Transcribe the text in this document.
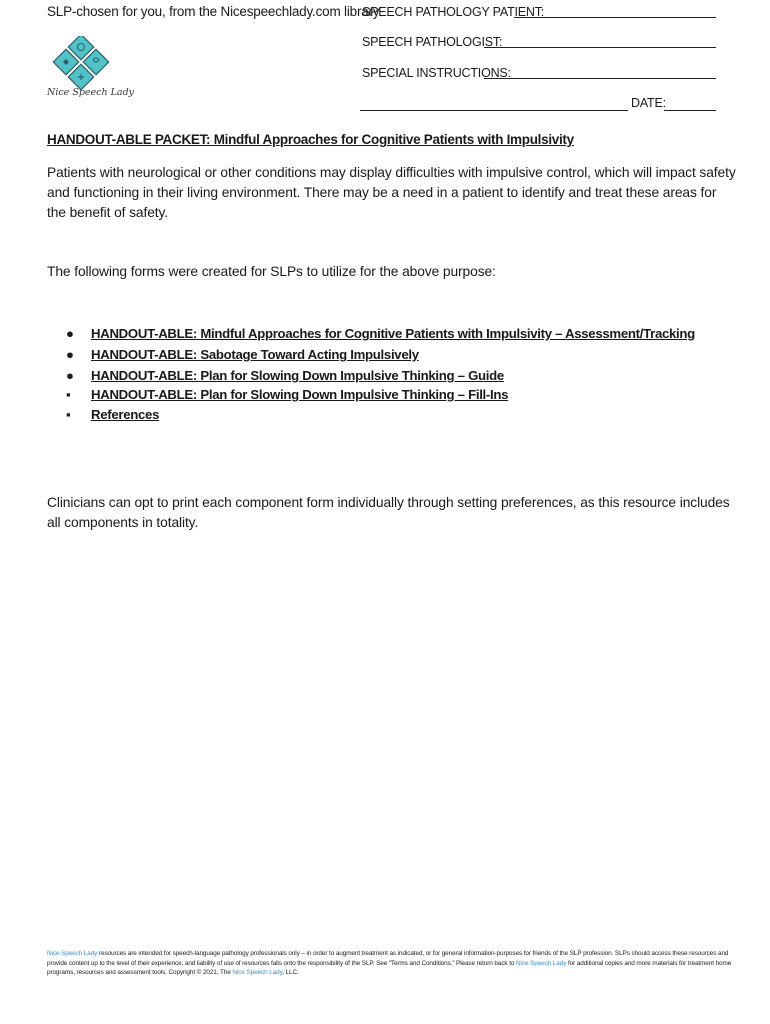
SLP-chosen for you, from the Nicespeechlady.com library
Nice Speech Lady
SPEECH PATHOLOGY PATIENT:
SPEECH PATHOLOGIST:
SPECIAL INSTRUCTIONS:
DATE:
HANDOUT-ABLE PACKET: Mindful Approaches for Cognitive Patients with Impulsivity
Patients with neurological or other conditions may display difficulties with impulsive control, which will impact safety and functioning in their living environment. There may be a need in a patient to identify and treat these areas for the benefit of safety.
The following forms were created for SLPs to utilize for the above purpose:
● HANDOUT-ABLE: Mindful Approaches for Cognitive Patients with Impulsivity – Assessment/Tracking
● HANDOUT-ABLE: Sabotage Toward Acting Impulsively
● HANDOUT-ABLE: Plan for Slowing Down Impulsive Thinking – Guide
▪ HANDOUT-ABLE: Plan for Slowing Down Impulsive Thinking – Fill-Ins
▪ References
Clinicians can opt to print each component form individually through setting preferences, as this resource includes all components in totality.
Nice Speech Lady resources are intended for speech-language pathology professionals only – in order to augment treatment as indicated, or for general information-purposes for friends of the SLP profession. SLPs should access these resources and provide content up to the level of their experience, and liability of use of resources falls onto the responsibility of the SLP. See “Terms and Conditions.” Please return back to Nice Speech Lady for additional copies and more materials for treatment home programs, resources and assessment tools. Copyright © 2021, The Nice Speech Lady, LLC.
